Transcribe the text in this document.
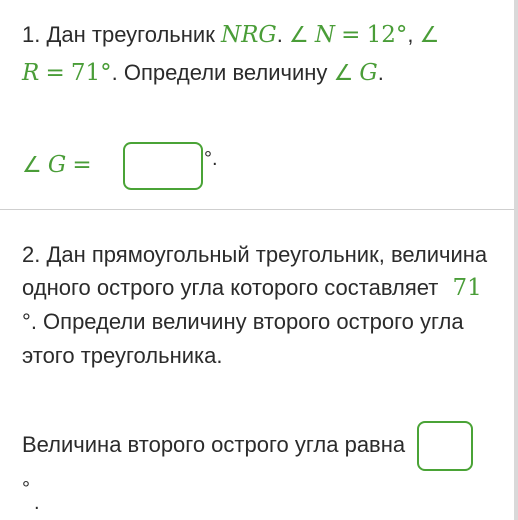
1. Дан треугольник NRG. ∠ N = 12°, ∠
R = 71°. Определи величину ∠ G.
∠ G =	°.
2. Дан прямоугольный треугольник, величина
одного острого угла которого составляет 71
°. Определи величину второго острого угла
этого треугольника.
Величина второго острого угла равна
°
.
